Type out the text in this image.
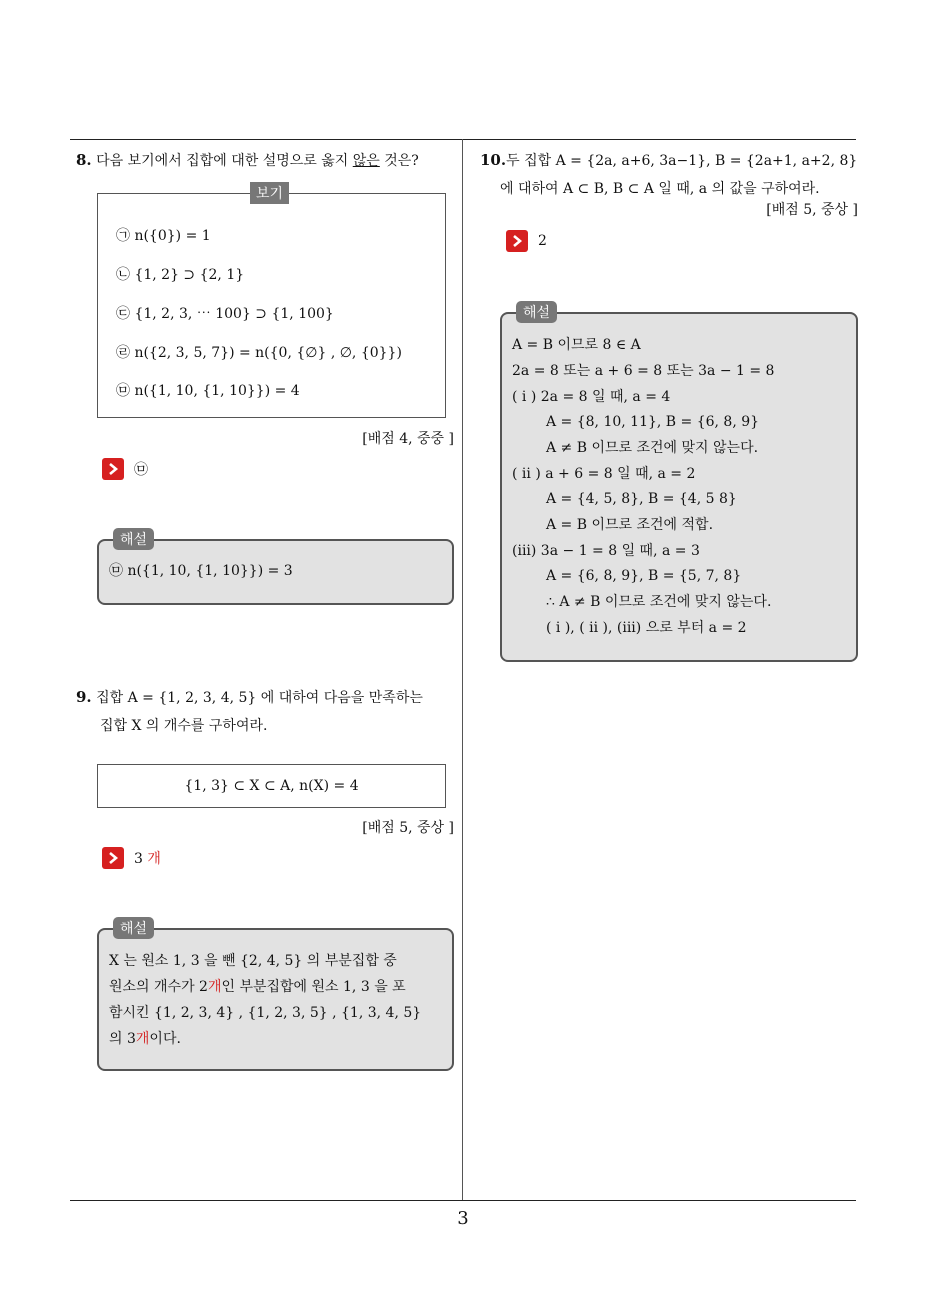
3
8. 다음 보기에서 집합에 대한 설명으로 옳지 않은 것은?
보기
㉠ n({0}) = 1
㉡ {1, 2} ⊃ {2, 1}
㉢ {1, 2, 3, ⋯ 100} ⊃ {1, 100}
㉣ n({2, 3, 5, 7}) = n({0, {∅} , ∅, {0}})
㉤ n({1, 10, {1, 10}}) = 4
[배점 4, 중중 ]
㉤
해설
㉤ n({1, 10, {1, 10}}) = 3
9. 집합 A = {1, 2, 3, 4, 5} 에 대하여 다음을 만족하는
집합 X 의 개수를 구하여라.
{1, 3} ⊂ X ⊂ A, n(X) = 4
[배점 5, 중상 ]
3 개
해설
X 는 원소 1, 3 을 뺀 {2, 4, 5} 의 부분집합 중
원소의 개수가 2개인 부분집합에 원소 1, 3 을 포
함시킨 {1, 2, 3, 4} , {1, 2, 3, 5} , {1, 3, 4, 5}
의 3개이다.
10.두 집합 A = {2a, a+6, 3a−1}, B = {2a+1, a+2, 8}
에 대하여 A ⊂ B, B ⊂ A 일 때, a 의 값을 구하여라.
[배점 5, 중상 ]
2
해설
A = B 이므로 8 ∈ A
2a = 8 또는 a + 6 = 8 또는 3a − 1 = 8
( i ) 2a = 8 일 때, a = 4
A = {8, 10, 11}, B = {6, 8, 9}
A ≠ B 이므로 조건에 맞지 않는다.
( ii ) a + 6 = 8 일 때, a = 2
A = {4, 5, 8}, B = {4, 5 8}
A = B 이므로 조건에 적합.
(iii) 3a − 1 = 8 일 때, a = 3
A = {6, 8, 9}, B = {5, 7, 8}
∴ A ≠ B 이므로 조건에 맞지 않는다.
( i ), ( ii ), (iii) 으로 부터 a = 2
